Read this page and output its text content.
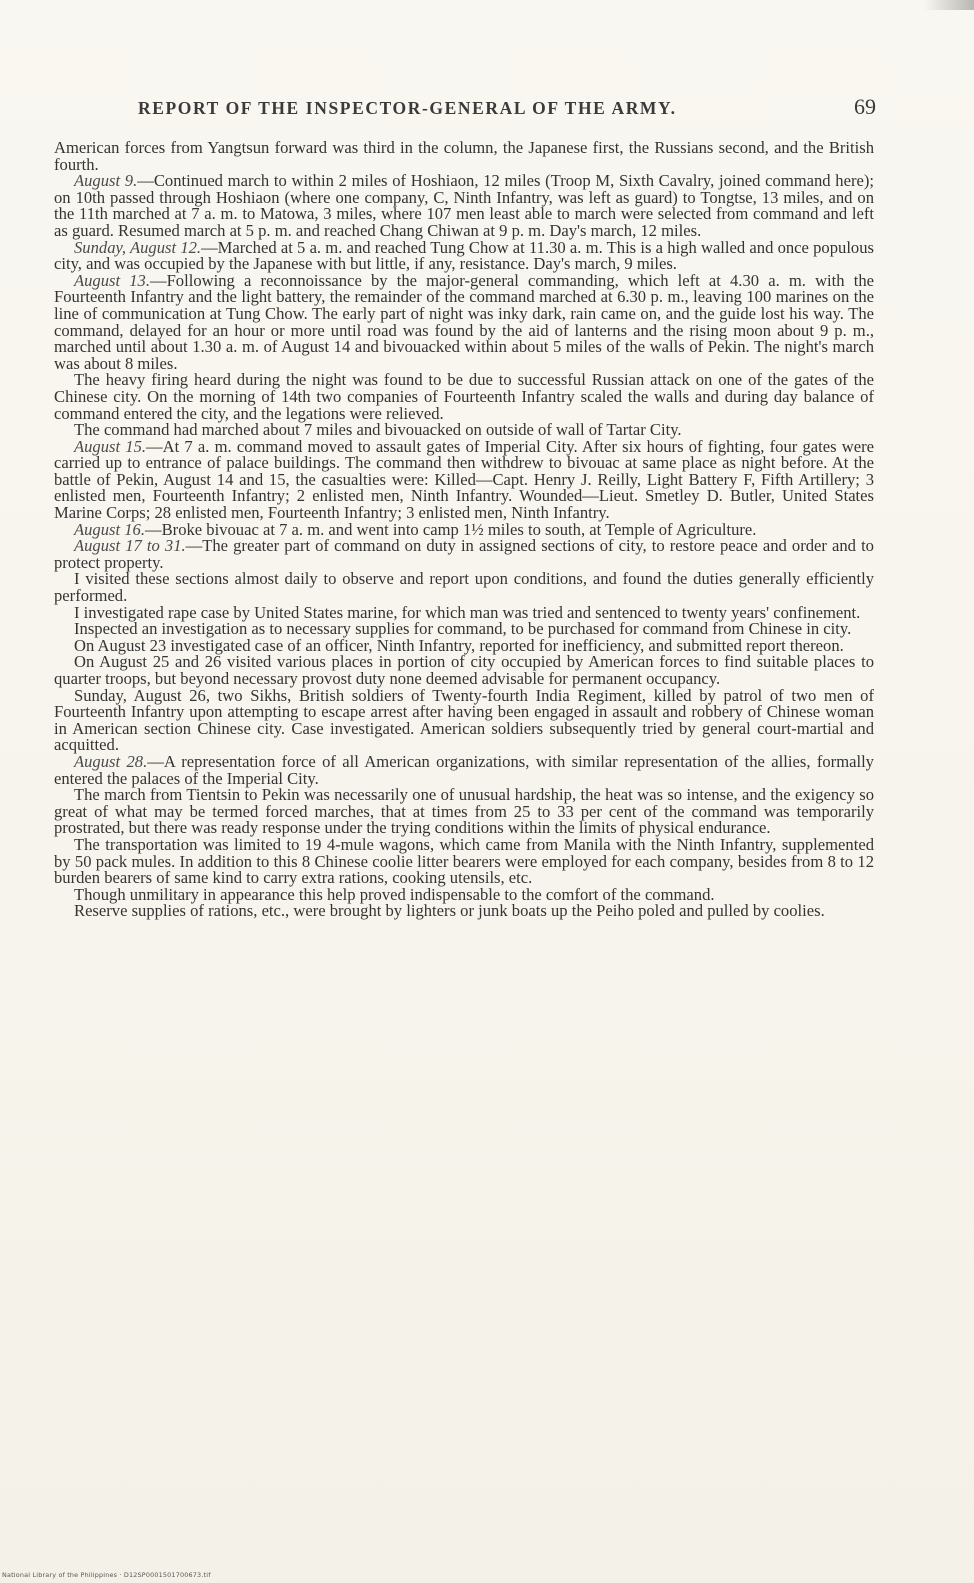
REPORT OF THE INSPECTOR-GENERAL OF THE ARMY.	69

American forces from Yangtsun forward was third in the column, the Japanese first, the Russians second, and the British fourth.

August 9.—Continued march to within 2 miles of Hoshiaon, 12 miles (Troop M, Sixth Cavalry, joined command here); on 10th passed through Hoshiaon (where one company, C, Ninth Infantry, was left as guard) to Tongtse, 13 miles, and on the 11th marched at 7 a. m. to Matowa, 3 miles, where 107 men least able to march were selected from command and left as guard. Resumed march at 5 p. m. and reached Chang Chiwan at 9 p. m. Day's march, 12 miles.

Sunday, August 12.—Marched at 5 a. m. and reached Tung Chow at 11.30 a. m. This is a high walled and once populous city, and was occupied by the Japanese with but little, if any, resistance. Day's march, 9 miles.

August 13.—Following a reconnoissance by the major-general commanding, which left at 4.30 a. m. with the Fourteenth Infantry and the light battery, the remainder of the command marched at 6.30 p. m., leaving 100 marines on the line of communication at Tung Chow. The early part of night was inky dark, rain came on, and the guide lost his way. The command, delayed for an hour or more until road was found by the aid of lanterns and the rising moon about 9 p. m., marched until about 1.30 a. m. of August 14 and bivouacked within about 5 miles of the walls of Pekin. The night's march was about 8 miles.

The heavy firing heard during the night was found to be due to successful Russian attack on one of the gates of the Chinese city. On the morning of 14th two companies of Fourteenth Infantry scaled the walls and during day balance of command entered the city, and the legations were relieved.

The command had marched about 7 miles and bivouacked on outside of wall of Tartar City.

August 15.—At 7 a. m. command moved to assault gates of Imperial City. After six hours of fighting, four gates were carried up to entrance of palace buildings. The command then withdrew to bivouac at same place as night before. At the battle of Pekin, August 14 and 15, the casualties were: Killed—Capt. Henry J. Reilly, Light Battery F, Fifth Artillery; 3 enlisted men, Fourteenth Infantry; 2 enlisted men, Ninth Infantry. Wounded—Lieut. Smetley D. Butler, United States Marine Corps; 28 enlisted men, Fourteenth Infantry; 3 enlisted men, Ninth Infantry.

August 16.—Broke bivouac at 7 a. m. and went into camp 1½ miles to south, at Temple of Agriculture.

August 17 to 31.—The greater part of command on duty in assigned sections of city, to restore peace and order and to protect property.

I visited these sections almost daily to observe and report upon conditions, and found the duties generally efficiently performed.

I investigated rape case by United States marine, for which man was tried and sentenced to twenty years' confinement.

Inspected an investigation as to necessary supplies for command, to be purchased for command from Chinese in city.

On August 23 investigated case of an officer, Ninth Infantry, reported for inefficiency, and submitted report thereon.

On August 25 and 26 visited various places in portion of city occupied by American forces to find suitable places to quarter troops, but beyond necessary provost duty none deemed advisable for permanent occupancy.

Sunday, August 26, two Sikhs, British soldiers of Twenty-fourth India Regiment, killed by patrol of two men of Fourteenth Infantry upon attempting to escape arrest after having been engaged in assault and robbery of Chinese woman in American section Chinese city. Case investigated. American soldiers subsequently tried by general court-martial and acquitted.

August 28.—A representation force of all American organizations, with similar representation of the allies, formally entered the palaces of the Imperial City.

The march from Tientsin to Pekin was necessarily one of unusual hardship, the heat was so intense, and the exigency so great of what may be termed forced marches, that at times from 25 to 33 per cent of the command was temporarily prostrated, but there was ready response under the trying conditions within the limits of physical endurance.

The transportation was limited to 19 4-mule wagons, which came from Manila with the Ninth Infantry, supplemented by 50 pack mules. In addition to this 8 Chinese coolie litter bearers were employed for each company, besides from 8 to 12 burden bearers of same kind to carry extra rations, cooking utensils, etc.

Though unmilitary in appearance this help proved indispensable to the comfort of the command.

Reserve supplies of rations, etc., were brought by lighters or junk boats up the Peiho poled and pulled by coolies.

National Library of the Philippines · D12SP0001501700673.tif
